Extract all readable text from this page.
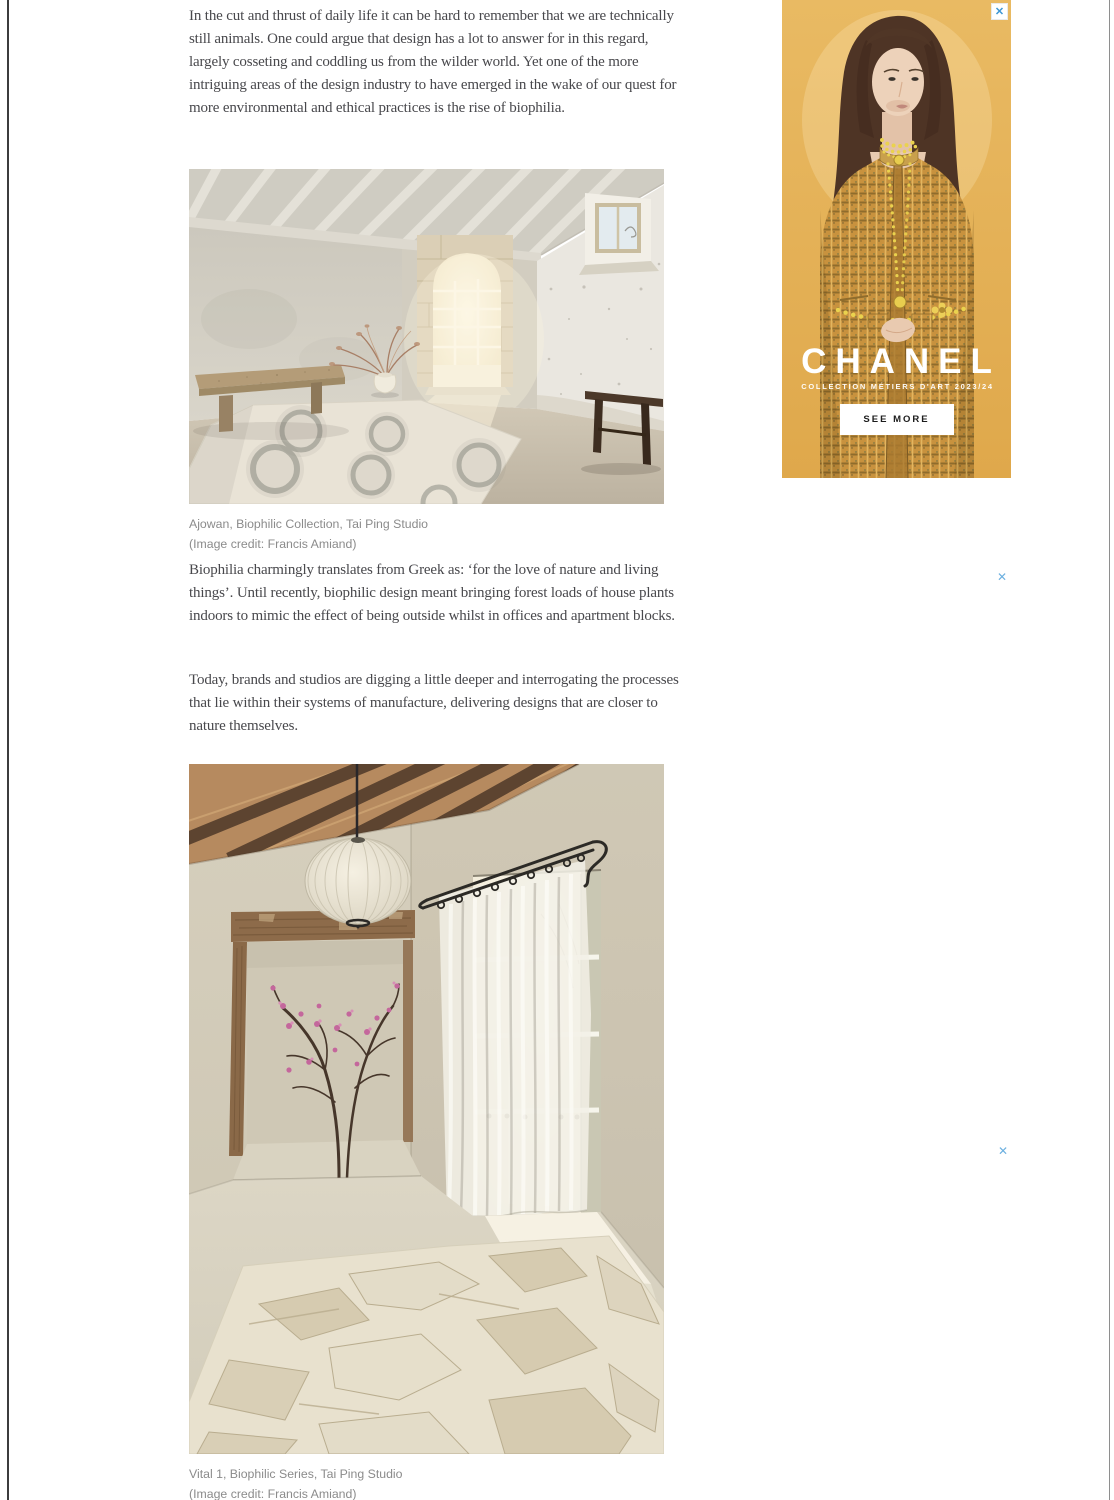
In the cut and thrust of daily life it can be hard to remember that we are technically still animals. One could argue that design has a lot to answer for in this regard, largely cosseting and coddling us from the wilder world. Yet one of the more intriguing areas of the design industry to have emerged in the wake of our quest for more environmental and ethical practices is the rise of biophilia.

Ajowan, Biophilic Collection, Tai Ping Studio
(Image credit: Francis Amiand)

Biophilia charmingly translates from Greek as: ‘for the love of nature and living things’. Until recently, biophilic design meant bringing forest loads of house plants indoors to mimic the effect of being outside whilst in offices and apartment blocks.

Today, brands and studios are digging a little deeper and interrogating the processes that lie within their systems of manufacture, delivering designs that are closer to nature themselves.

Vital 1, Biophilic Series, Tai Ping Studio
(Image credit: Francis Amiand)
CHANEL
COLLECTION MÉTIERS D'ART 2023/24
SEE MORE
✕
✕
✕
